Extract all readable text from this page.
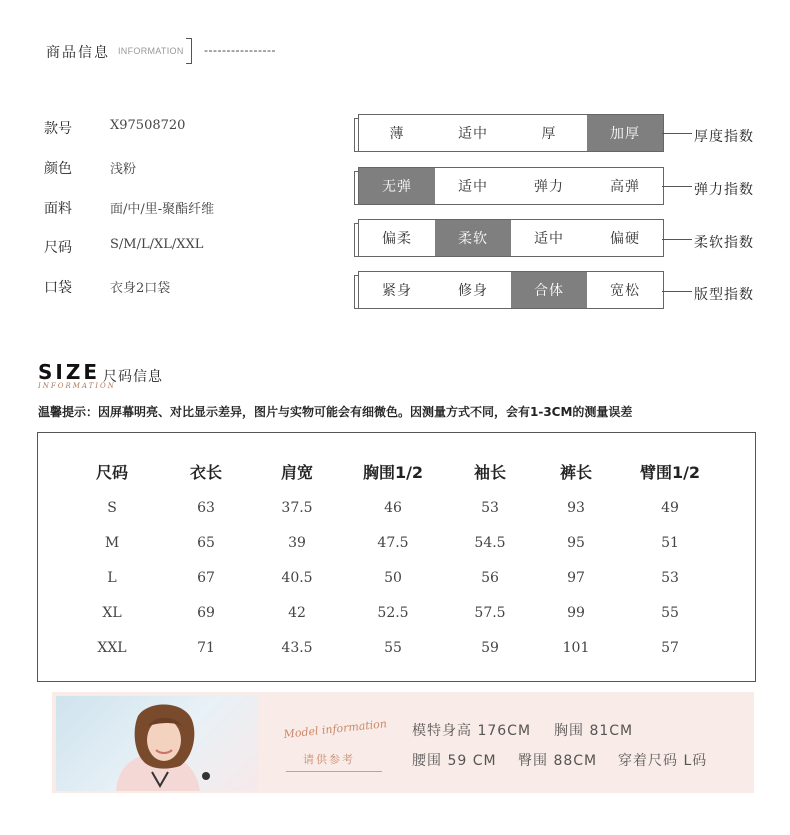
商品信息 INFORMATION ----------------
款号	X97508720
颜色	浅粉
面料	面/中/里-聚酯纤维
尺码	S/M/L/XL/XXL
口袋	衣身2口袋
薄	适中	厚	加厚	厚度指数
无弹	适中	弹力	高弹	弹力指数
偏柔	柔软	适中	偏硬	柔软指数
紧身	修身	合体	宽松	版型指数
SIZE 尺码信息
INFORMATION
温馨提示：因屏幕明亮、对比显示差异，图片与实物可能会有细微色。因测量方式不同，会有1-3CM的测量误差
尺码	衣长	肩宽	胸围1/2	袖长	裤长	臂围1/2
S	63	37.5	46	53	93	49
M	65	39	47.5	54.5	95	51
L	67	40.5	50	56	97	53
XL	69	42	52.5	57.5	99	55
XXL	71	43.5	55	59	101	57
Model information
请供参考
模特身高 176CM 胸围 81CM
腰围 59 CM 臀围 88CM 穿着尺码 L码
